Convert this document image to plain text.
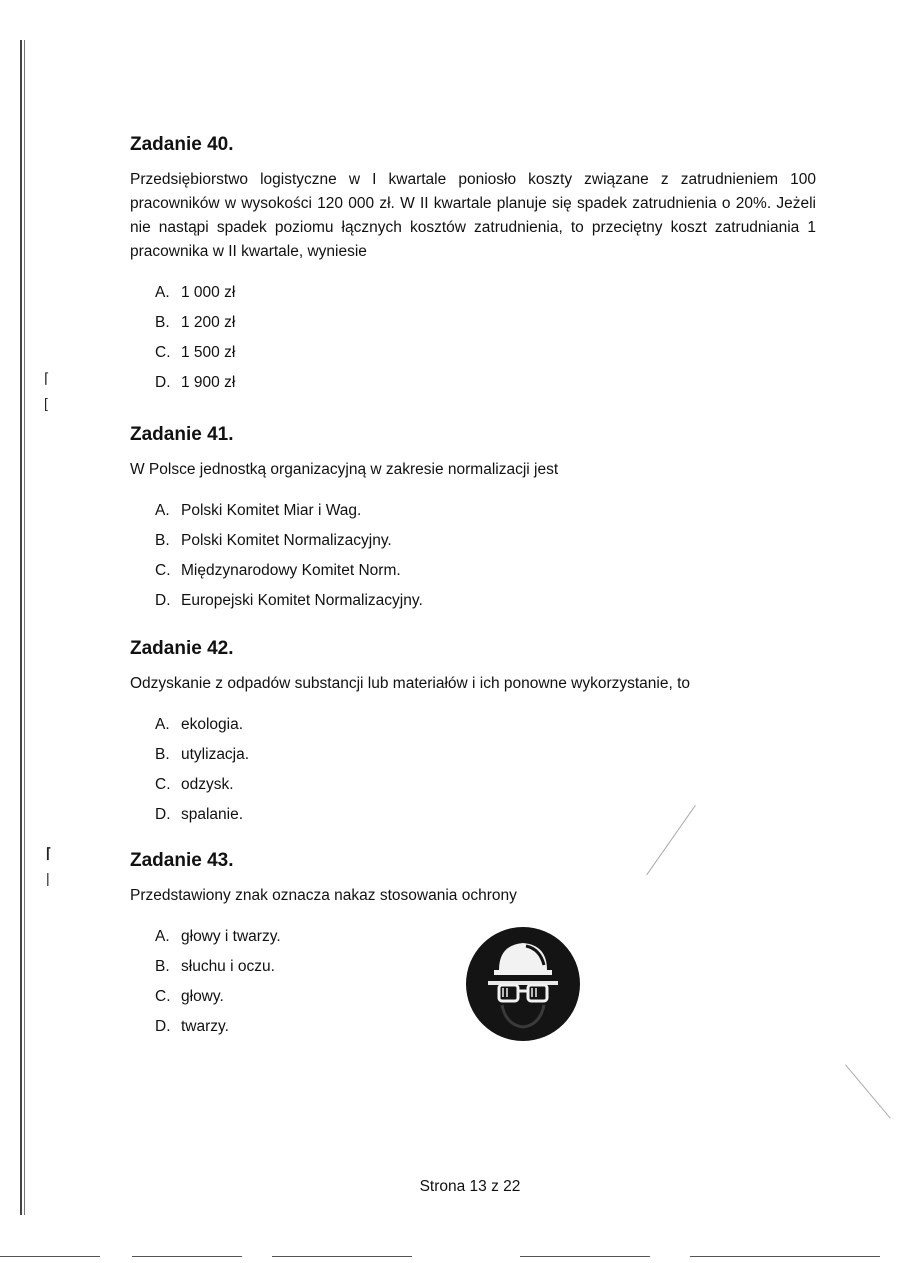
⌈
[
⌈
|
Zadanie 40.

Przedsiębiorstwo logistyczne w I kwartale poniosło koszty związane z zatrudnieniem 100 pracowników w wysokości 120 000 zł. W II kwartale planuje się spadek zatrudnienia o 20%. Jeżeli nie nastąpi spadek poziomu łącznych kosztów zatrudnienia, to przeciętny koszt zatrudniania 1 pracownika w II kwartale, wyniesie

A. 1 000 zł
B. 1 200 zł
C. 1 500 zł
D. 1 900 zł
Zadanie 41.

W Polsce jednostką organizacyjną w zakresie normalizacji jest

A. Polski Komitet Miar i Wag.
B. Polski Komitet Normalizacyjny.
C. Międzynarodowy Komitet Norm.
D. Europejski Komitet Normalizacyjny.
Zadanie 42.

Odzyskanie z odpadów substancji lub materiałów i ich ponowne wykorzystanie, to

A. ekologia.
B. utylizacja.
C. odzysk.
D. spalanie.
Zadanie 43.

Przedstawiony znak oznacza nakaz stosowania ochrony

A. głowy i twarzy.
B. słuchu i oczu.
C. głowy.
D. twarzy.
Strona 13 z 22
